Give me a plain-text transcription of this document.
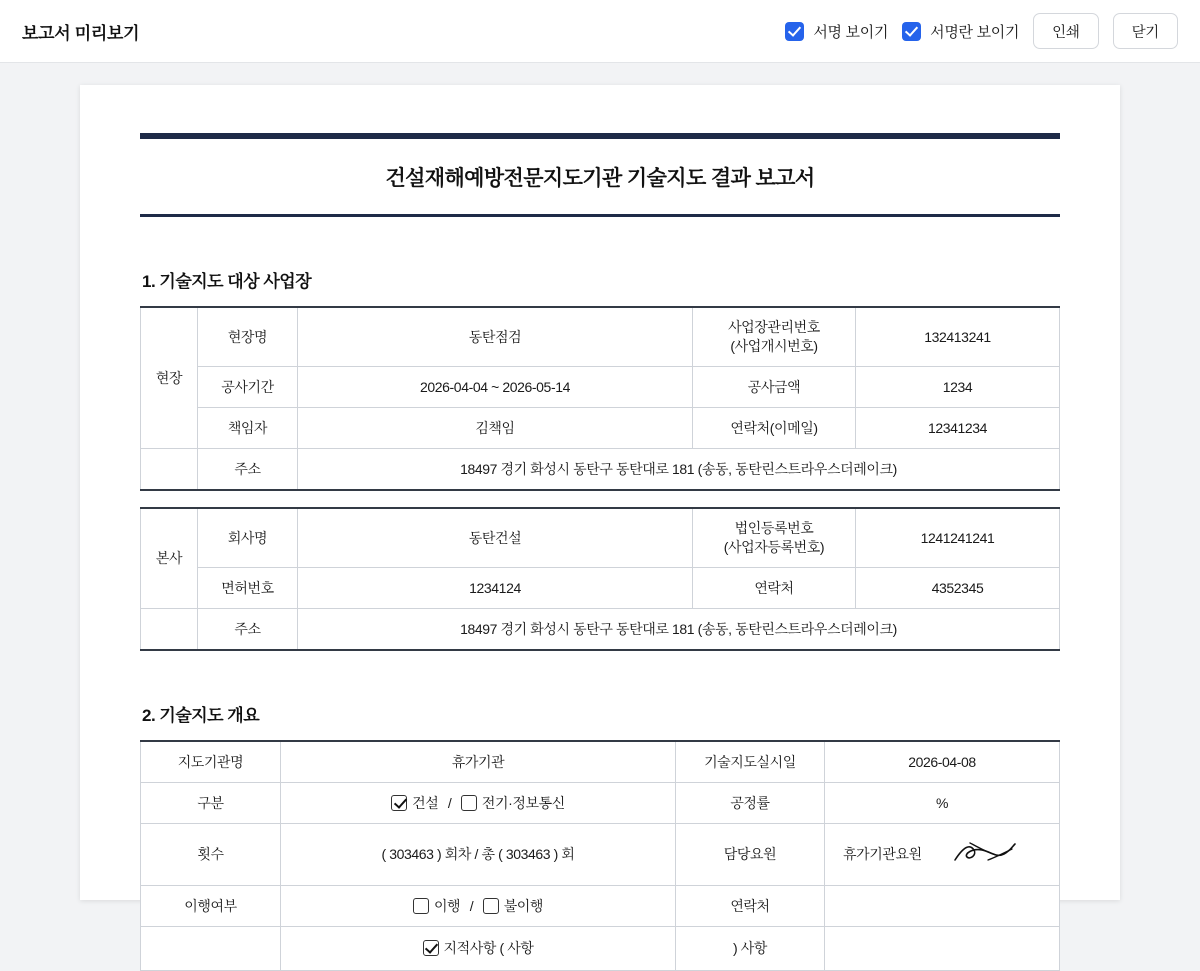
보고서 미리보기	서명 보이기	서명란 보이기	인쇄	닫기
건설재해예방전문지도기관 기술지도 결과 보고서
1. 기술지도 대상 사업장
현장	현장명	동탄점검	사업장관리번호
(사업개시번호)	132413241
	공사기간	2026-04-04 ~ 2026-05-14	공사금액	1234
	책임자	김책임	연락처(이메일)	12341234
	주소	18497 경기 화성시 동탄구 동탄대로 181 (송동, 동탄린스트라우스더레이크)		
본사	회사명	동탄건설	법인등록번호
(사업자등록번호)	1241241241
	면허번호	1234124	연락처	4352345
	주소	18497 경기 화성시 동탄구 동탄대로 181 (송동, 동탄린스트라우스더레이크)		
2. 기술지도 개요
지도기관명	휴가기관	기술지도실시일	2026-04-08
구분	건설 / 전기·정보통신	공정률	%
횟수	( 303463 ) 회차 / 총 ( 303463 ) 회	담당요원	휴가기관요원

이행여부	이행 / 불이행	연락처	
	지적사항 ( 사항	) 사항	
